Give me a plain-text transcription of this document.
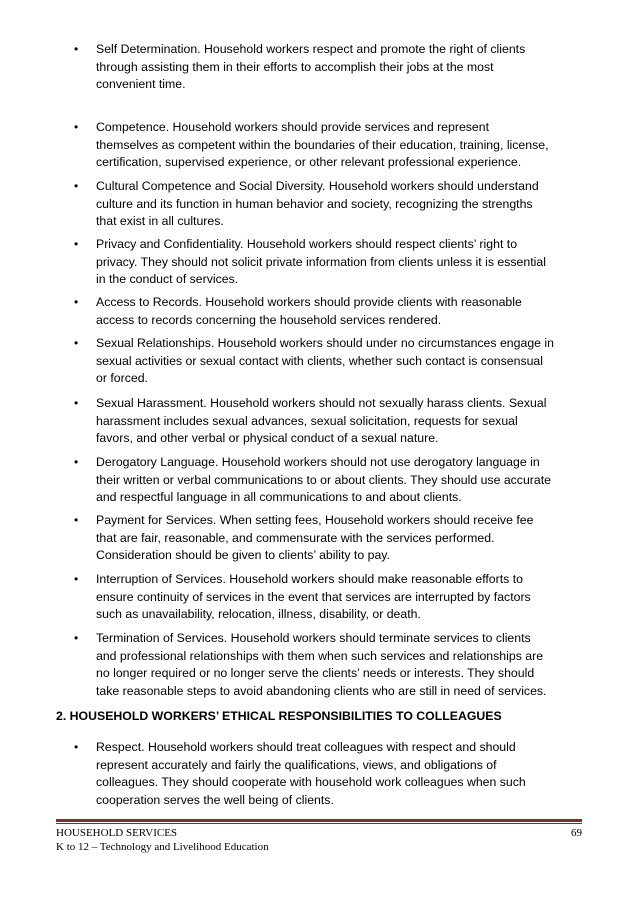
•	Self Determination. Household workers respect and promote the right of clients through assisting them in their efforts to accomplish their jobs at the most convenient time.
•	Competence. Household workers should provide services and represent themselves as competent within the boundaries of their education, training, license, certification, supervised experience, or other relevant professional experience.
•	Cultural Competence and Social Diversity. Household workers should understand culture and its function in human behavior and society, recognizing the strengths that exist in all cultures.
•	Privacy and Confidentiality. Household workers should respect clients’ right to privacy. They should not solicit private information from clients unless it is essential in the conduct of services.
•	Access to Records. Household workers should provide clients with reasonable access to records concerning the household services rendered.
•	Sexual Relationships. Household workers should under no circumstances engage in sexual activities or sexual contact with clients, whether such contact is consensual or forced.
•	Sexual Harassment. Household workers should not sexually harass clients. Sexual harassment includes sexual advances, sexual solicitation, requests for sexual favors, and other verbal or physical conduct of a sexual nature.
•	Derogatory Language. Household workers should not use derogatory language in their written or verbal communications to or about clients. They should use accurate and respectful language in all communications to and about clients.
•	Payment for Services. When setting fees, Household workers should receive fee that are fair, reasonable, and commensurate with the services performed. Consideration should be given to clients’ ability to pay.
•	Interruption of Services. Household workers should make reasonable efforts to ensure continuity of services in the event that services are interrupted by factors such as unavailability, relocation, illness, disability, or death.
•	Termination of Services. Household workers should terminate services to clients and professional relationships with them when such services and relationships are no longer required or no longer serve the clients’ needs or interests. They should take reasonable steps to avoid abandoning clients who are still in need of services.
•	Respect. Household workers should treat colleagues with respect and should represent accurately and fairly the qualifications, views, and obligations of colleagues. They should cooperate with household work colleagues when such cooperation serves the well being of clients.
2. HOUSEHOLD WORKERS’ ETHICAL RESPONSIBILITIES TO COLLEAGUES
HOUSEHOLD SERVICES
K to 12 – Technology and Livelihood Education
69
